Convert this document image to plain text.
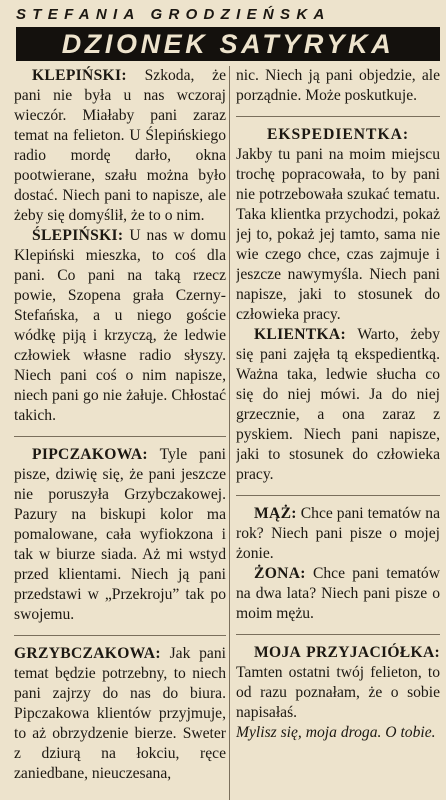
STEFANIA GRODZIEŃSKA
DZIONEK SATYRYKA

KLEPIŃSKI: Szkoda, że pani nie była u nas wczoraj wieczór. Miałaby pani zaraz temat na felieton. U Ślepińskiego radio mordę darło, okna pootwierane, szału można było dostać. Niech pani to napisze, ale żeby się domyślił, że to o nim.

ŚLEPIŃSKI: U nas w domu Klepiński mieszka, to coś dla pani. Co pani na taką rzecz powie, Szopena grała Czerny-Stefańska, a u niego goście wódkę piją i krzyczą, że ledwie człowiek własne radio słyszy. Niech pani coś o nim napisze, niech pani go nie żałuje. Chłostać takich.

PIPCZAKOWA: Tyle pani pisze, dziwię się, że pani jeszcze nie poruszyła Grzybczakowej. Pazury na biskupi kolor ma pomalowane, cała wyfiokzona i tak w biurze siada. Aż mi wstyd przed klientami. Niech ją pani przedstawi w „Przekroju” tak po swojemu.

GRZYBCZAKOWA: Jak pani temat będzie potrzebny, to niech pani zajrzy do nas do biura. Pipczakowa klientów przyjmuje, to aż obrzydzenie bierze. Sweter z dziurą na łokciu, ręce zaniedbane, nieuczesana,

nic. Niech ją pani objedzie, ale porządnie. Może poskutkuje.

EKSPEDIENTKA:

Jakby tu pani na moim miejscu trochę popracowała, to by pani nie potrzebowała szukać tematu. Taka klientka przychodzi, pokaż jej to, pokaż jej tamto, sama nie wie czego chce, czas zajmuje i jeszcze nawymyśla. Niech pani napisze, jaki to stosunek do człowieka pracy.

KLIENTKA: Warto, żeby się pani zajęła tą ekspedientką. Ważna taka, ledwie słucha co się do niej mówi. Ja do niej grzecznie, a ona zaraz z pyskiem. Niech pani napisze, jaki to stosunek do człowieka pracy.

MĄŻ: Chce pani tematów na rok? Niech pani pisze o mojej żonie.

ŻONA: Chce pani tematów na dwa lata? Niech pani pisze o moim mężu.

MOJA PRZYJACIÓŁKA: Tamten ostatni twój felieton, to od razu poznałam, że o sobie napisałaś.

Mylisz się, moja droga. O tobie.
